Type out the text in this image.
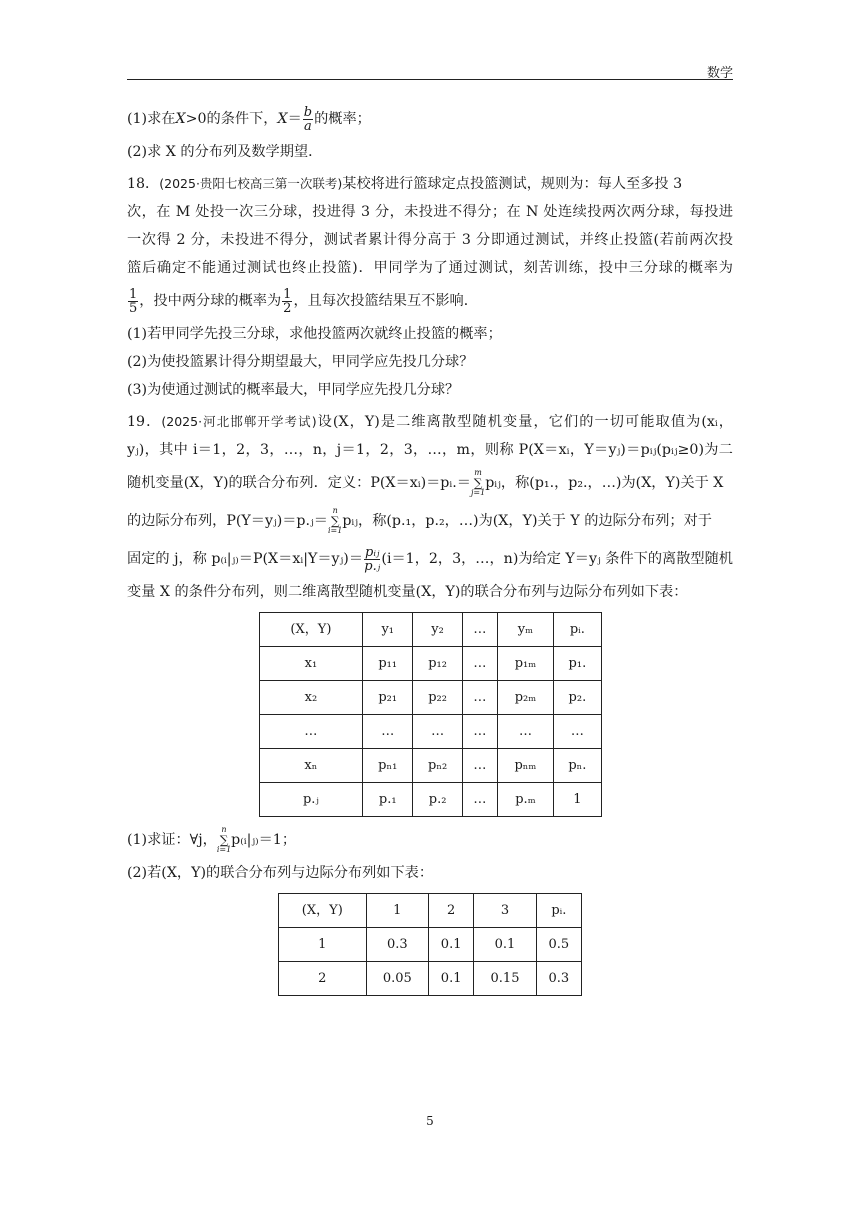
数学
(1)求在X>0的条件下，$X= \frac{b}{a}$ 的概率；
(2)求 X 的分布列及数学期望．
18．(2025·贵阳七校高三第一次联考)某校将进行篮球定点投篮测试，规则为：每人至多投 3
次，在 M 处投一次三分球，投进得 3 分，未投进不得分；在 N 处连续投两次两分球，每投进
一次得 2 分，未投进不得分，测试者累计得分高于 3 分即通过测试，并终止投篮(若前两次投
篮后确定不能通过测试也终止投篮)．甲同学为了通过测试，刻苦训练，投中三分球的概率为
$\frac{1}{5}$ ，投中两分球的概率为 $\frac{1}{2}$ ，且每次投篮结果互不影响．
(1)若甲同学先投三分球，求他投篮两次就终止投篮的概率；
(2)为使投篮累计得分期望最大，甲同学应先投几分球？
(3)为使通过测试的概率最大，甲同学应先投几分球？
19．(2025·河北邯郸开学考试)设(X，Y)是二维离散型随机变量，它们的一切可能取值为(xᵢ，
yⱼ)，其中 i＝1，2，3，…，n，j＝1，2，3，…，m，则称 P(X＝xᵢ，Y＝yⱼ)＝pᵢⱼ(pᵢⱼ≥0)为二
随机变量(X，Y)的联合分布列．定义：P(X＝xᵢ)＝pᵢ.＝
m
∑
j=1
pᵢⱼ，称(p₁.，p₂.，…)为(X，Y)关于 X
的边际分布列，P(Y＝yⱼ)＝p.ⱼ＝
n
∑
i=1
pᵢⱼ，称(p.₁，p.₂，…)为(X，Y)关于 Y 的边际分布列；对于
固定的 j，称 p₍ᵢ|ⱼ₎＝P(X＝xᵢ|Y＝yⱼ)＝ $\frac{\text{pᵢⱼ}}{\text{p.ⱼ}} (i=1$，2，3，…，n)为给定 Y＝yⱼ 条件下的离散型随机
变量 X 的条件分布列，则二维离散型随机变量(X，Y)的联合分布列与边际分布列如下表：
(X，Y)	y₁	y₂	…	yₘ	pᵢ.
x₁	p₁₁	p₁₂	…	p₁ₘ	p₁.
x₂	p₂₁	p₂₂	…	p₂ₘ	p₂.
…	…	…	…	…	…
xₙ	pₙ₁	pₙ₂	…	pₙₘ	pₙ.
p.ⱼ	p.₁	p.₂	…	p.ₘ	1
(1)求证：∀j，
n
∑
i=1
p₍ᵢ|ⱼ₎＝1；
(2)若(X，Y)的联合分布列与边际分布列如下表：
(X，Y)	1	2	3	pᵢ.
1	0.3	0.1	0.1	0.5
2	0.05	0.1	0.15	0.3
5
